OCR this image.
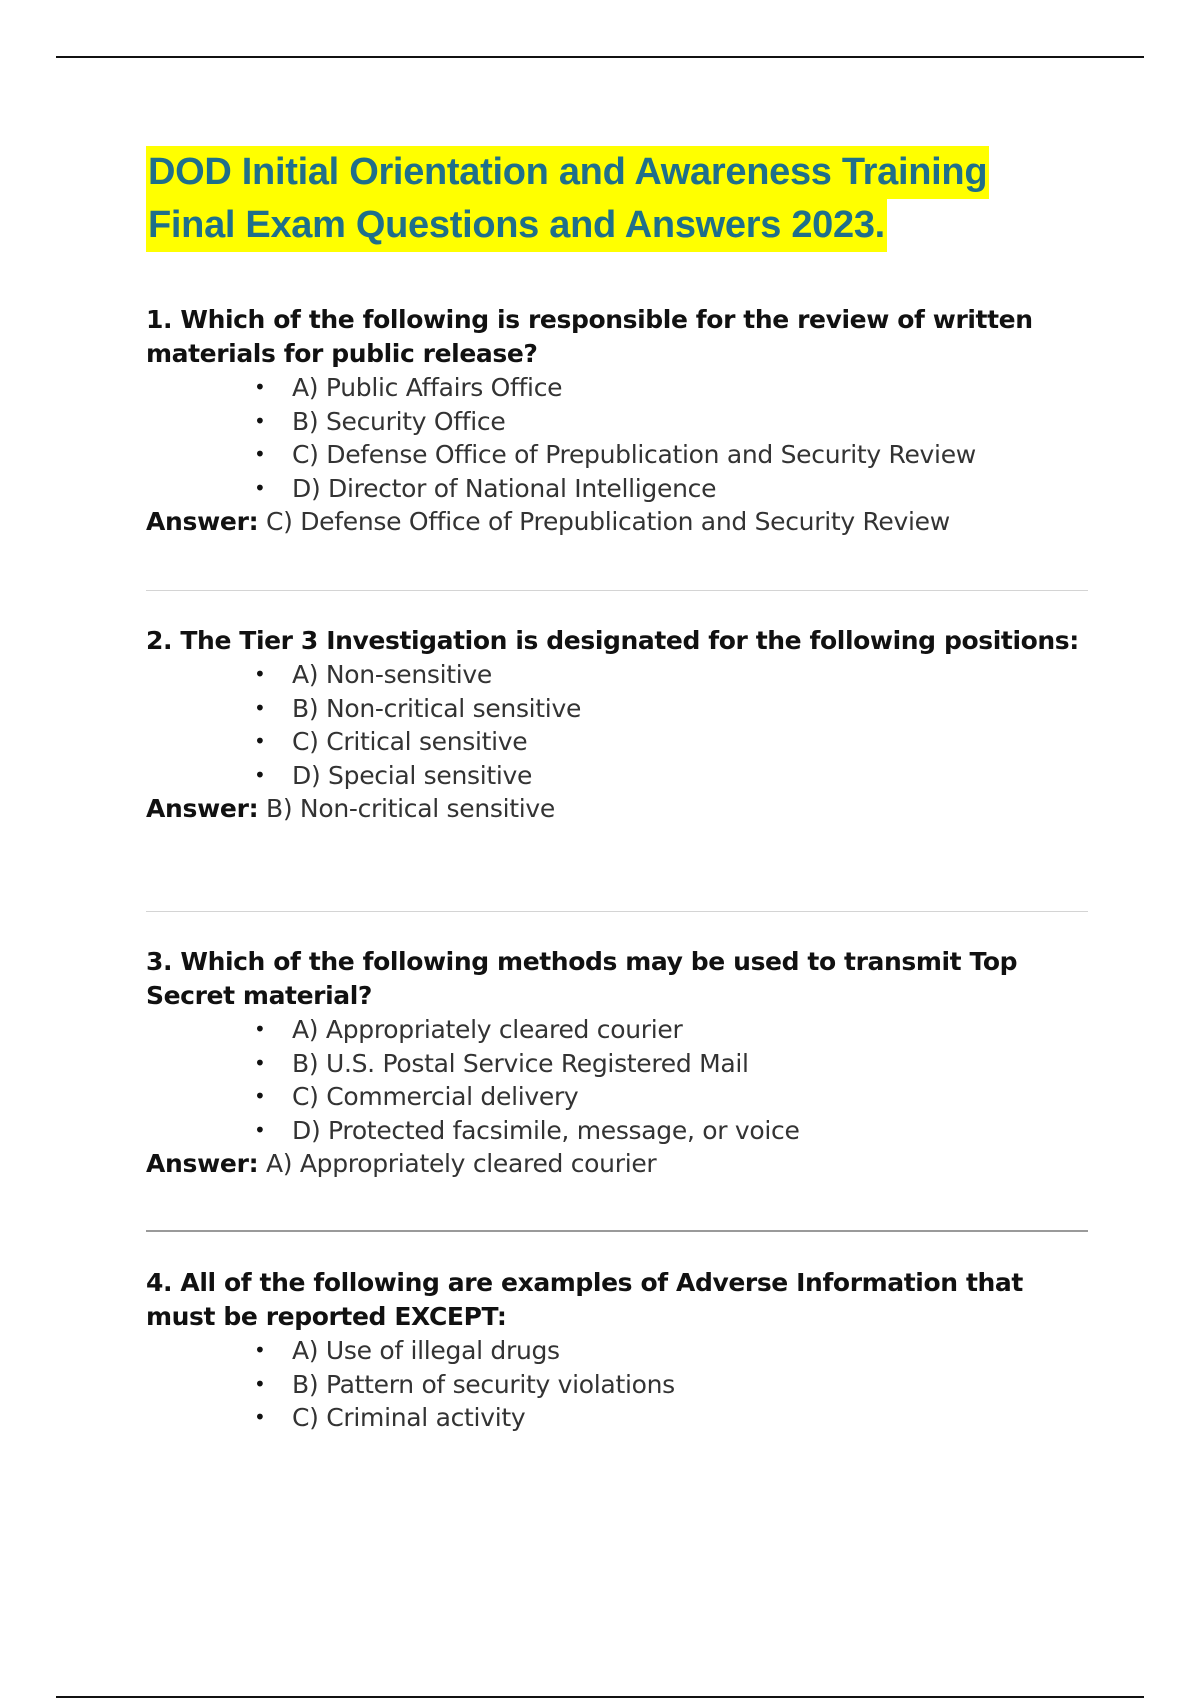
DOD Initial Orientation and Awareness Training
Final Exam Questions and Answers 2023.

1. Which of the following is responsible for the review of written materials for public release?

• A) Public Affairs Office
• B) Security Office
• C) Defense Office of Prepublication and Security Review
• D) Director of National Intelligence
Answer: C) Defense Office of Prepublication and Security Review

2. The Tier 3 Investigation is designated for the following positions:

• A) Non-sensitive
• B) Non-critical sensitive
• C) Critical sensitive
• D) Special sensitive
Answer: B) Non-critical sensitive

3. Which of the following methods may be used to transmit Top Secret material?

• A) Appropriately cleared courier
• B) U.S. Postal Service Registered Mail
• C) Commercial delivery
• D) Protected facsimile, message, or voice
Answer: A) Appropriately cleared courier

4. All of the following are examples of Adverse Information that must be reported EXCEPT:

• A) Use of illegal drugs
• B) Pattern of security violations
• C) Criminal activity
